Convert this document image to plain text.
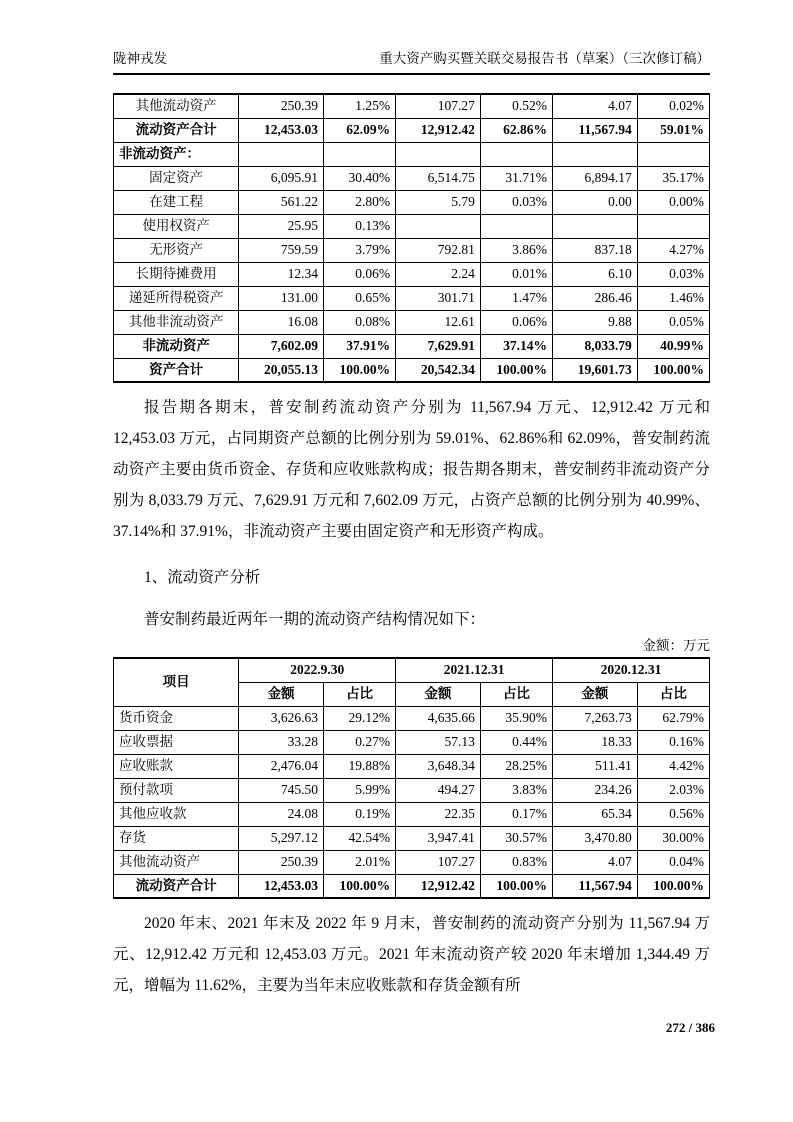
陇神戎发	重大资产购买暨关联交易报告书（草案）（三次修订稿）
其他流动资产	250.39	1.25%	107.27	0.52%	4.07	0.02%
流动资产合计	12,453.03	62.09%	12,912.42	62.86%	11,567.94	59.01%
非流动资产：						
固定资产	6,095.91	30.40%	6,514.75	31.71%	6,894.17	35.17%
在建工程	561.22	2.80%	5.79	0.03%	0.00	0.00%
使用权资产	25.95	0.13%				
无形资产	759.59	3.79%	792.81	3.86%	837.18	4.27%
长期待摊费用	12.34	0.06%	2.24	0.01%	6.10	0.03%
递延所得税资产	131.00	0.65%	301.71	1.47%	286.46	1.46%
其他非流动资产	16.08	0.08%	12.61	0.06%	9.88	0.05%
非流动资产	7,602.09	37.91%	7,629.91	37.14%	8,033.79	40.99%
资产合计	20,055.13	100.00%	20,542.34	100.00%	19,601.73	100.00%

报告期各期末，普安制药流动资产分别为 11,567.94 万元、12,912.42 万元和 12,453.03 万元，占同期资产总额的比例分别为 59.01%、62.86%和 62.09%，普安制药流动资产主要由货币资金、存货和应收账款构成；报告期各期末，普安制药非流动资产分别为 8,033.79 万元、7,629.91 万元和 7,602.09 万元，占资产总额的比例分别为 40.99%、37.14%和 37.91%，非流动资产主要由固定资产和无形资产构成。

1、流动资产分析
普安制药最近两年一期的流动资产结构情况如下：
金额：万元
项目	2022.9.30		2021.12.31		2020.12.31	
	金额	占比	金额	占比	金额	占比
货币资金	3,626.63	29.12%	4,635.66	35.90%	7,263.73	62.79%
应收票据	33.28	0.27%	57.13	0.44%	18.33	0.16%
应收账款	2,476.04	19.88%	3,648.34	28.25%	511.41	4.42%
预付款项	745.50	5.99%	494.27	3.83%	234.26	2.03%
其他应收款	24.08	0.19%	22.35	0.17%	65.34	0.56%
存货	5,297.12	42.54%	3,947.41	30.57%	3,470.80	30.00%
其他流动资产	250.39	2.01%	107.27	0.83%	4.07	0.04%
流动资产合计	12,453.03	100.00%	12,912.42	100.00%	11,567.94	100.00%

2020 年末、2021 年末及 2022 年 9 月末，普安制药的流动资产分别为 11,567.94 万元、12,912.42 万元和 12,453.03 万元。2021 年末流动资产较 2020 年末增加 1,344.49 万元，增幅为 11.62%，主要为当年末应收账款和存货金额有所

272 / 386
